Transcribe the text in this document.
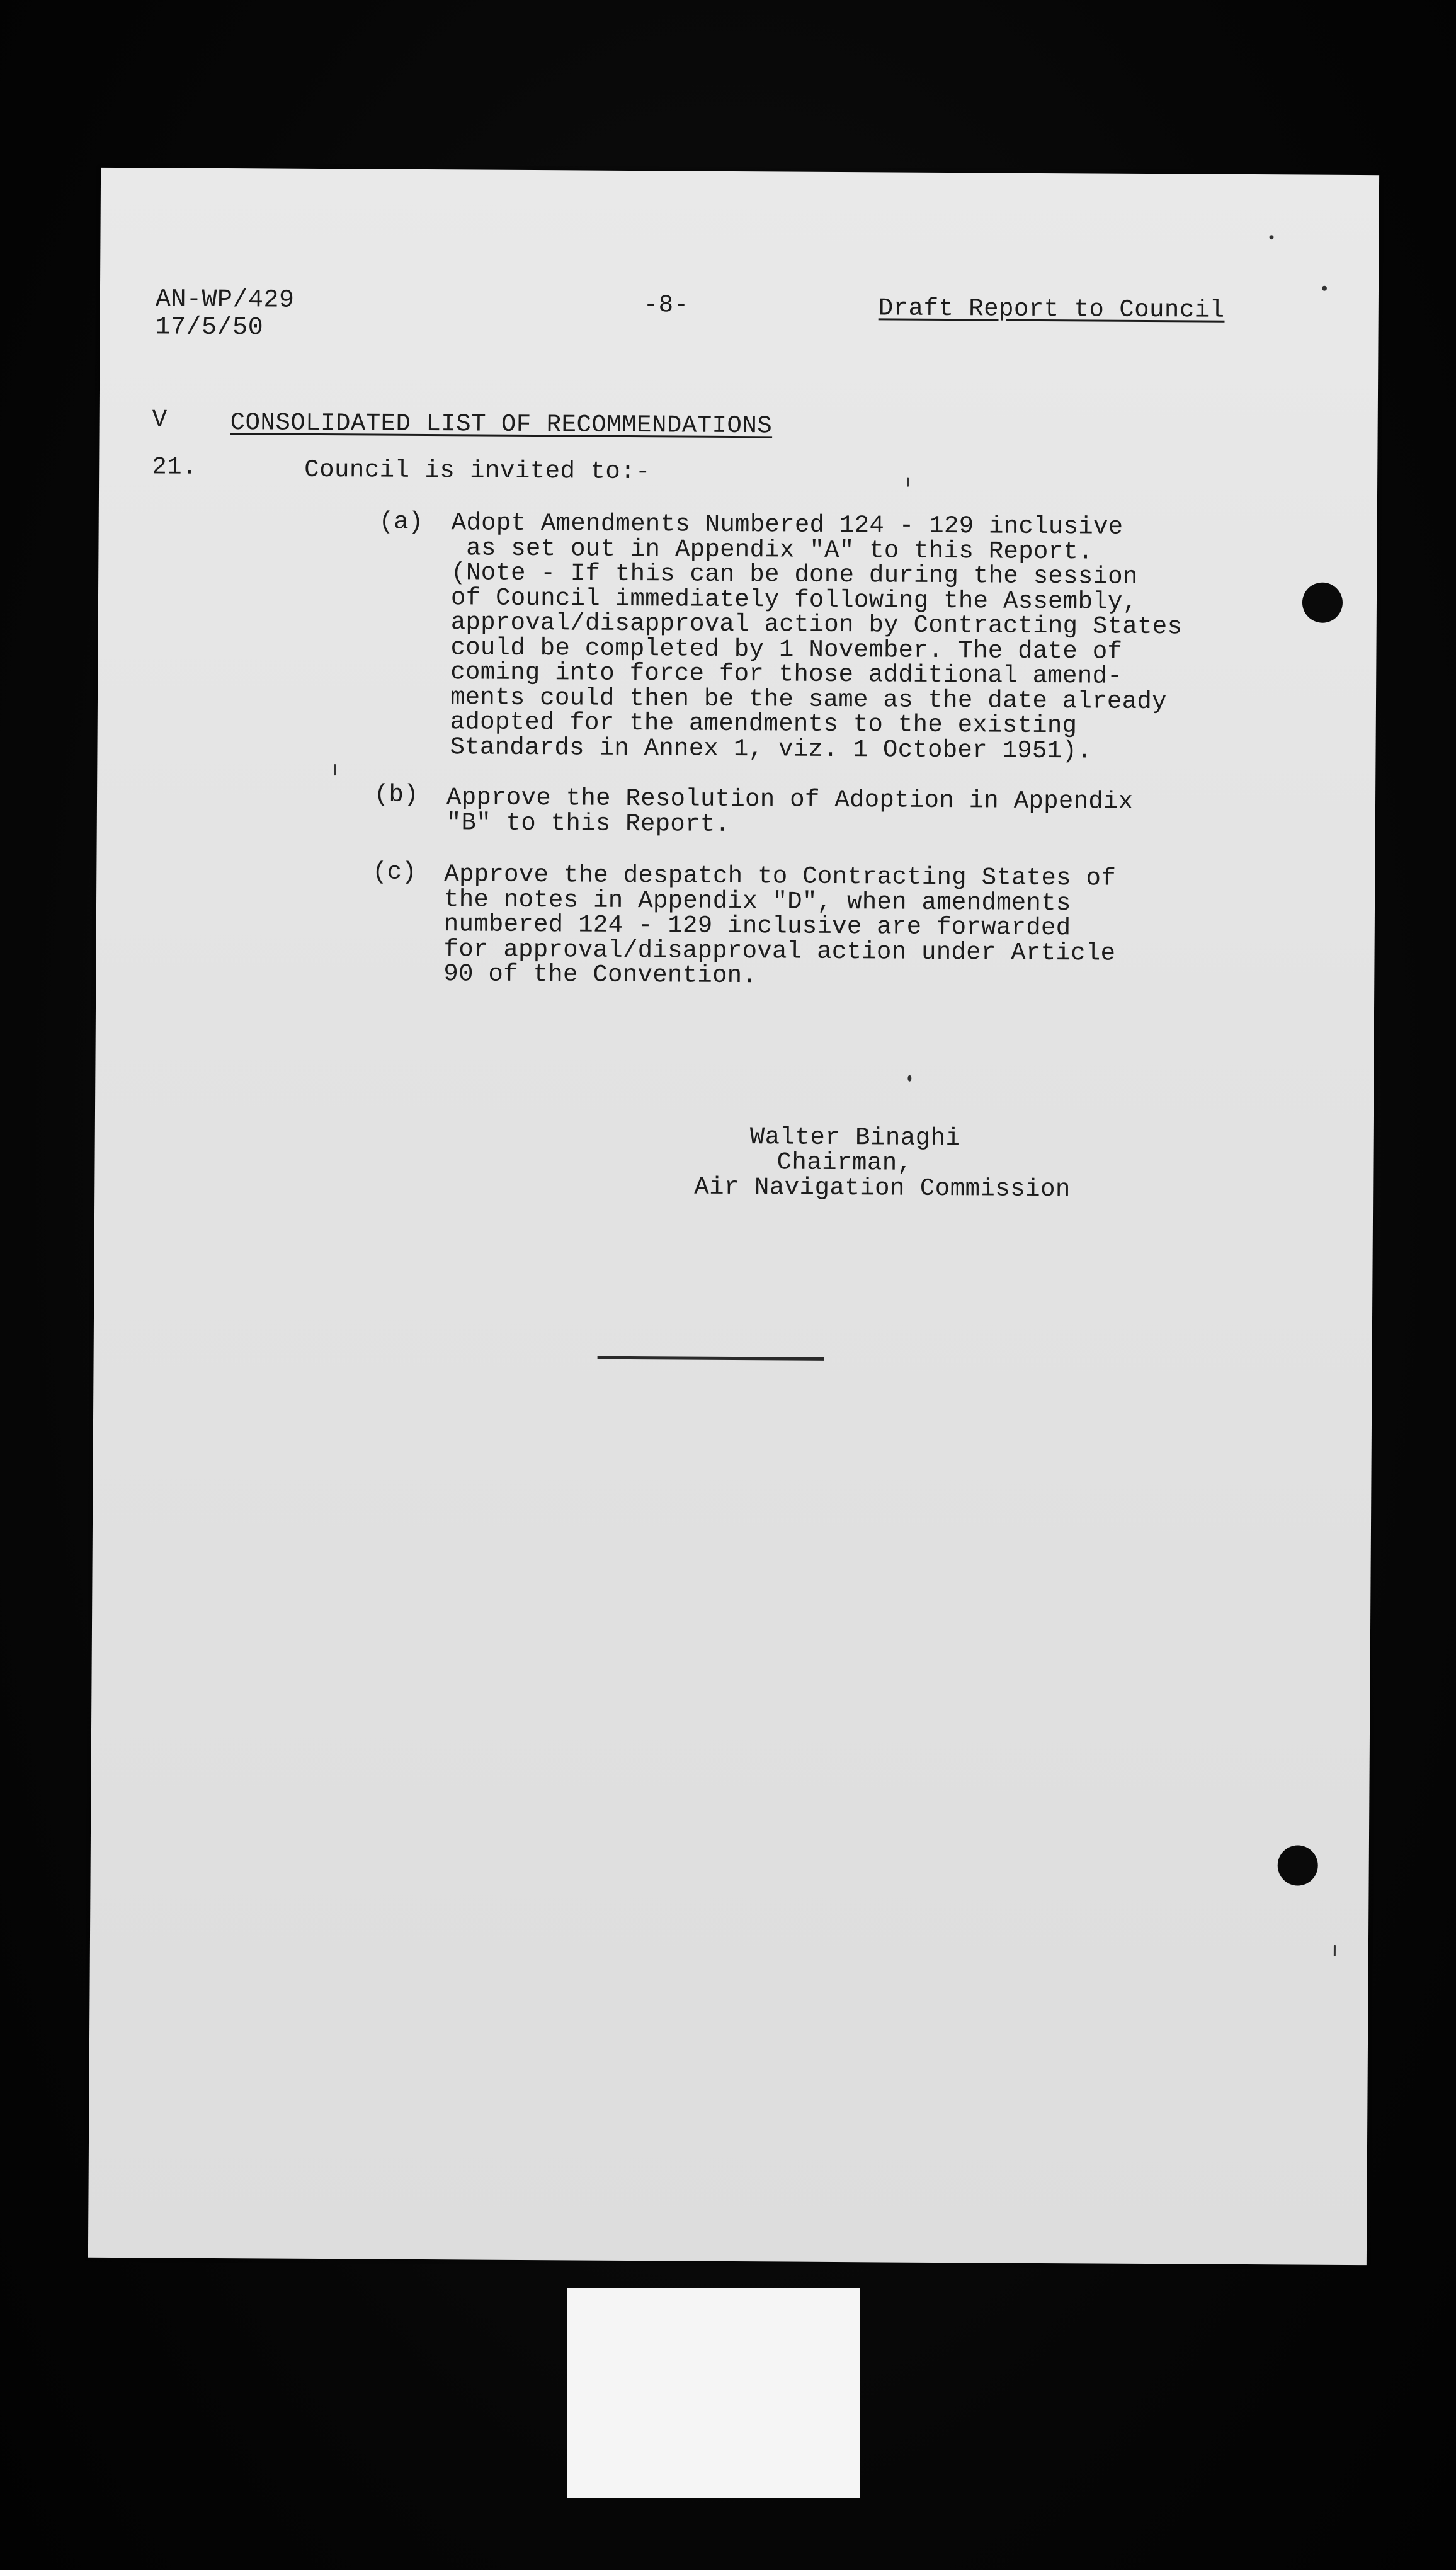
AN-WP/429
17/5/50
-8-	Draft Report to Council
V	CONSOLIDATED LIST OF RECOMMENDATIONS
21.	Council is invited to:-
(a) Adopt Amendments Numbered 124 - 129 inclusive
as set out in Appendix "A" to this Report.
(Note - If this can be done during the session
of Council immediately following the Assembly,
approval/disapproval action by Contracting States
could be completed by 1 November. The date of
coming into force for those additional amend-
ments could then be the same as the date already
adopted for the amendments to the existing
Standards in Annex 1, viz. 1 October 1951).
(b) Approve the Resolution of Adoption in Appendix
"B" to this Report.
(c) Approve the despatch to Contracting States of
the notes in Appendix "D", when amendments
numbered 124 - 129 inclusive are forwarded
for approval/disapproval action under Article
90 of the Convention.
Walter Binaghi
Chairman,
Air Navigation Commission
